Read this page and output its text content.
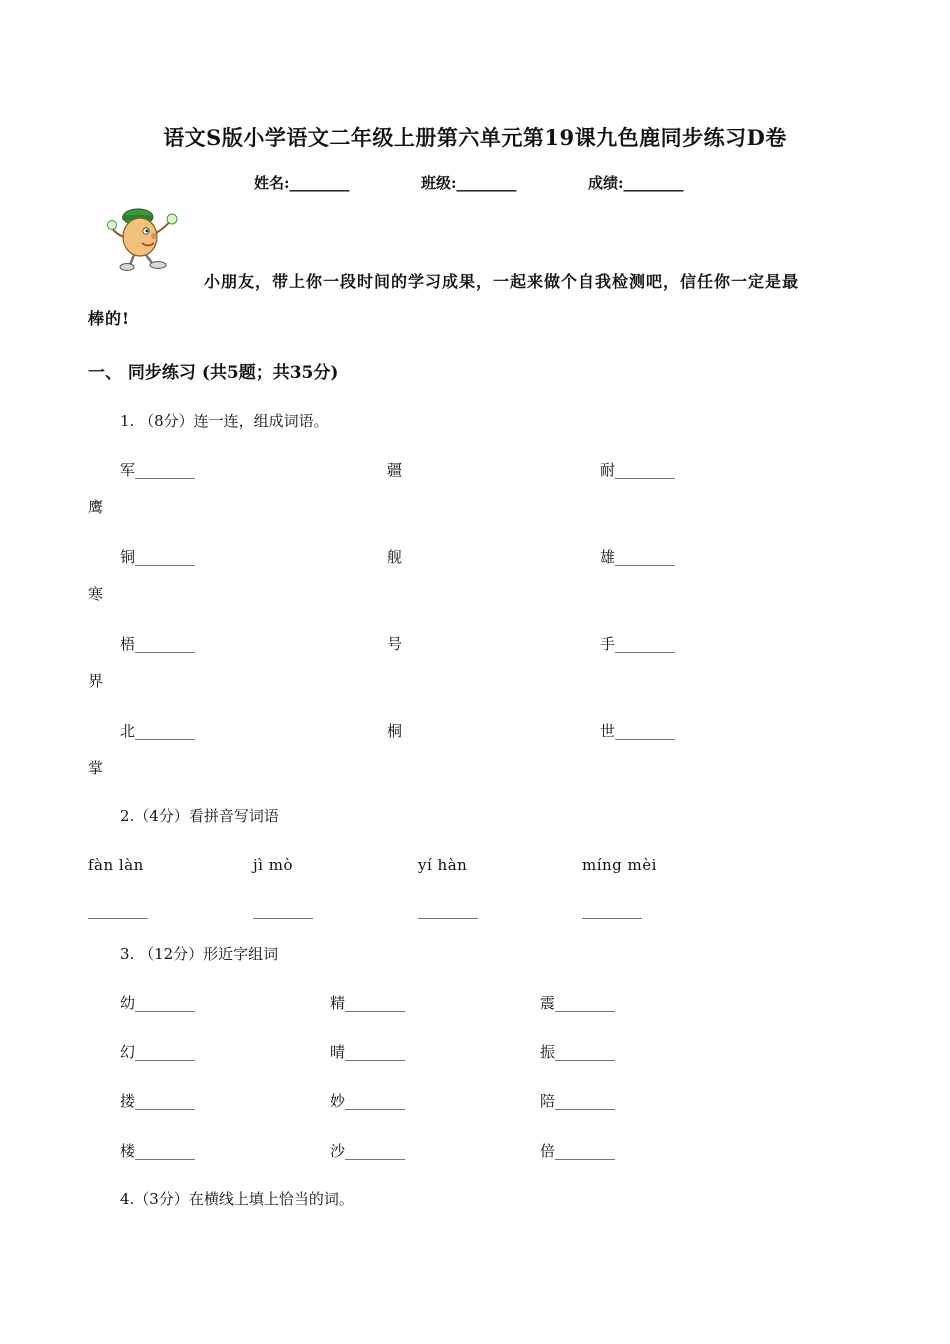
语文S版小学语文二年级上册第六单元第19课九色鹿同步练习D卷
姓名:________	班级:________	成绩:________
小朋友，带上你一段时间的学习成果，一起来做个自我检测吧，信任你一定是最
棒的!
一、 同步练习 (共5题；共35分)
1. （8分）连一连，组成词语。
军________	疆	耐________
鹰
铜________	舰	雄________
寒
梧________	号	手________
界
北________	桐	世________
掌
2.（4分）看拼音写词语
fàn làn	jì mò	yí hàn	míng mèi
________	________	________	________
3. （12分）形近字组词
幼________	精________	震________
幻________	晴________	振________
搂________	妙________	陪________
楼________	沙________	倍________
4.（3分）在横线上填上恰当的词。
